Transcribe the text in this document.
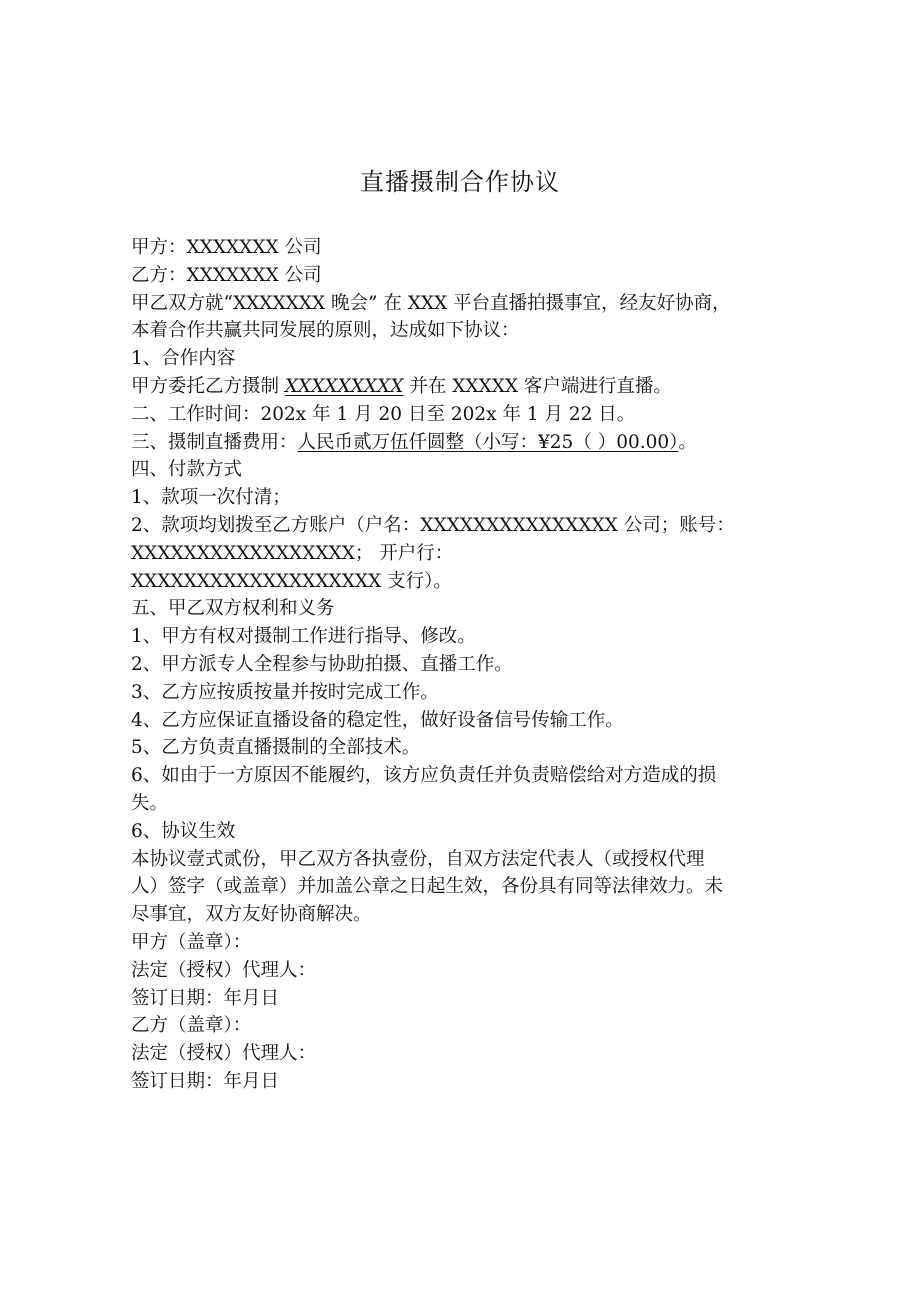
直播摄制合作协议
甲方：XXXXXXX 公司
乙方：XXXXXXX 公司
甲乙双方就“XXXXXXX 晚会” 在 XXX 平台直播拍摄事宜，经友好协商，
本着合作共赢共同发展的原则，达成如下协议：
1、合作内容
甲方委托乙方摄制 XXXXXXXXX 并在 XXXXX 客户端进行直播。
二、工作时间：202x 年 1 月 20 日至 202x 年 1 月 22 日。
三、摄制直播费用：人民币贰万伍仟圆整（小写：¥25（ ）00.00）。
四、付款方式
1、款项一次付清；
2、款项均划拨至乙方账户（户名：XXXXXXXXXXXXXXX 公司；账号：
XXXXXXXXXXXXXXXXX； 开户行：
XXXXXXXXXXXXXXXXXXX 支行）。
五、甲乙双方权利和义务
1、甲方有权对摄制工作进行指导、修改。
2、甲方派专人全程参与协助拍摄、直播工作。
3、乙方应按质按量并按时完成工作。
4、乙方应保证直播设备的稳定性，做好设备信号传输工作。
5、乙方负责直播摄制的全部技术。
6、如由于一方原因不能履约，该方应负责任并负责赔偿给对方造成的损
失。
6、协议生效
本协议壹式贰份，甲乙双方各执壹份，自双方法定代表人（或授权代理
人）签字（或盖章）并加盖公章之日起生效，各份具有同等法律效力。未
尽事宜，双方友好协商解决。
甲方（盖章）：
法定（授权）代理人：
签订日期：年月日
乙方（盖章）：
法定（授权）代理人：
签订日期：年月日
